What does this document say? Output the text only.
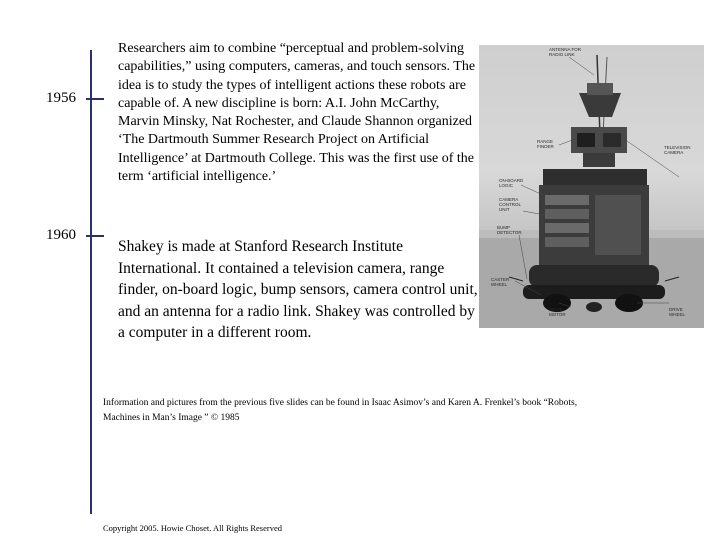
1956
1960

Researchers aim to combine “perceptual and problem-solving capabilities,” using computers, cameras, and touch sensors. The idea is to study the types of intelligent actions these robots are capable of. A new discipline is born: A.I. John McCarthy, Marvin Minsky, Nat Rochester, and Claude Shannon organized ‘The Dartmouth Summer Research Project on Artificial Intelligence’ at Dartmouth College. This was the first use of the term ‘artificial intelligence.’

Shakey is made at Stanford Research Institute International. It contained a television camera, range finder, on-board logic, bump sensors, camera control unit, and an antenna for a radio link. Shakey was controlled by a computer in a different room.

ANTENNA FOR
RADIO LINK
RANGE
FINDER	TELEVISION
CAMERA
ON-BOARD
LOGIC
CAMERA
CONTROL
UNIT
BUMP
DETECTOR
CASTER
WHEEL
DRIVE
MOTOR
DRIVE
WHEEL

Information and pictures from the previous five slides can be found in Isaac Asimov’s and Karen A. Frenkel’s book “Robots, Machines in Man’s Image ” © 1985

Copyright 2005. Howie Choset. All Rights Reserved
